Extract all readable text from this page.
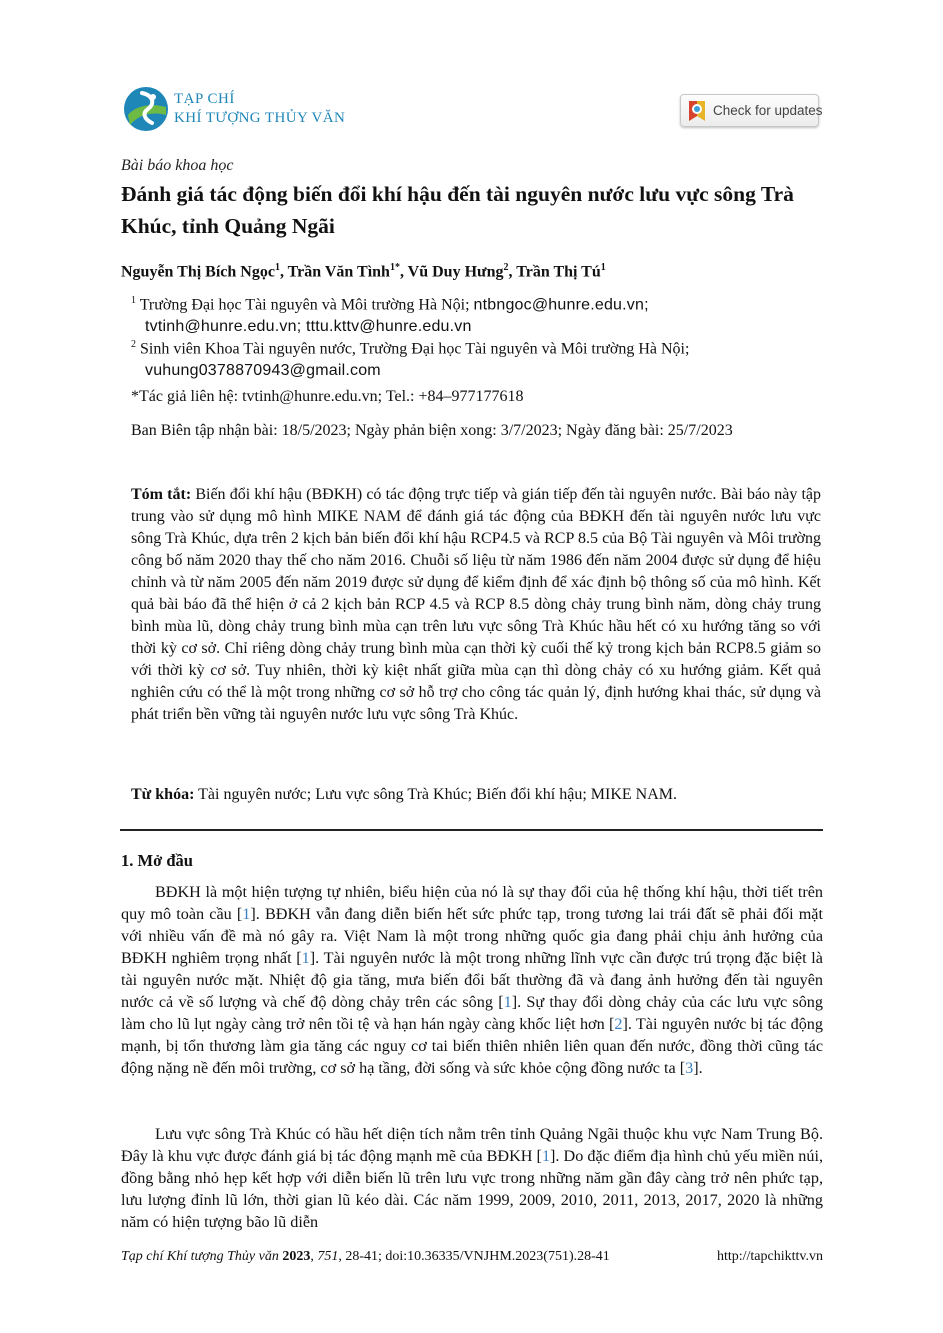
TẠP CHÍ
KHÍ TƯỢNG THỦY VĂN	Check for updates
Bài báo khoa học
Đánh giá tác động biến đổi khí hậu đến tài nguyên nước lưu vực sông Trà Khúc, tỉnh Quảng Ngãi
Nguyễn Thị Bích Ngọc$^1$, Trần Văn Tình$^{1*}$, Vũ Duy Hưng$^2$, Trần Thị $Tú^1$
$^1$ Trường Đại học Tài nguyên và Môi trường Hà Nội; ntbngoc@hunre.edu.vn;
tvtinh@hunre.edu.vn; tttu.kttv@hunre.edu.vn
$^2$ Sinh viên Khoa Tài nguyên nước, Trường Đại học Tài nguyên và Môi trường Hà Nội;
vuhung0378870943@gmail.com
*Tác giả liên hệ: tvtinh@hunre.edu.vn; Tel.: +84–977177618
Ban Biên tập nhận bài: 18/5/2023; Ngày phản biện xong: 3/7/2023; Ngày đăng bài: 25/7/2023

Tóm tắt: Biến đổi khí hậu (BĐKH) có tác động trực tiếp và gián tiếp đến tài nguyên nước. Bài báo này tập trung vào sử dụng mô hình MIKE NAM để đánh giá tác động của BĐKH đến tài nguyên nước lưu vực sông Trà Khúc, dựa trên 2 kịch bản biến đổi khí hậu RCP4.5 và RCP 8.5 của Bộ Tài nguyên và Môi trường công bố năm 2020 thay thế cho năm 2016. Chuỗi số liệu từ năm 1986 đến năm 2004 được sử dụng để hiệu chỉnh và từ năm 2005 đến năm 2019 được sử dụng để kiểm định để xác định bộ thông số của mô hình. Kết quả bài báo đã thể hiện ở cả 2 kịch bản RCP 4.5 và RCP 8.5 dòng chảy trung bình năm, dòng chảy trung bình mùa lũ, dòng chảy trung bình mùa cạn trên lưu vực sông Trà Khúc hầu hết có xu hướng tăng so với thời kỳ cơ sở. Chỉ riêng dòng chảy trung bình mùa cạn thời kỳ cuối thế kỷ trong kịch bản RCP8.5 giảm so với thời kỳ cơ sở. Tuy nhiên, thời kỳ kiệt nhất giữa mùa cạn thì dòng chảy có xu hướng giảm. Kết quả nghiên cứu có thể là một trong những cơ sở hỗ trợ cho công tác quản lý, định hướng khai thác, sử dụng và phát triển bền vững tài nguyên nước lưu vực sông Trà Khúc.

Từ khóa: Tài nguyên nước; Lưu vực sông Trà Khúc; Biến đổi khí hậu; MIKE NAM.
1. Mở đầu

BĐKH là một hiện tượng tự nhiên, biểu hiện của nó là sự thay đổi của hệ thống khí hậu, thời tiết trên quy mô toàn cầu [1]. BĐKH vẫn đang diễn biến hết sức phức tạp, trong tương lai trái đất sẽ phải đối mặt với nhiều vấn đề mà nó gây ra. Việt Nam là một trong những quốc gia đang phải chịu ảnh hưởng của BĐKH nghiêm trọng nhất [1]. Tài nguyên nước là một trong những lĩnh vực cần được trú trọng đặc biệt là tài nguyên nước mặt. Nhiệt độ gia tăng, mưa biến đổi bất thường đã và đang ảnh hưởng đến tài nguyên nước cả về số lượng và chế độ dòng chảy trên các sông [1]. Sự thay đổi dòng chảy của các lưu vực sông làm cho lũ lụt ngày càng trở nên tồi tệ và hạn hán ngày càng khốc liệt hơn [2]. Tài nguyên nước bị tác động mạnh, bị tổn thương làm gia tăng các nguy cơ tai biến thiên nhiên liên quan đến nước, đồng thời cũng tác động nặng nề đến môi trường, cơ sở hạ tầng, đời sống và sức khỏe cộng đồng nước ta [3].

Lưu vực sông Trà Khúc có hầu hết diện tích nằm trên tỉnh Quảng Ngãi thuộc khu vực Nam Trung Bộ. Đây là khu vực được đánh giá bị tác động mạnh mẽ của BĐKH [1]. Do đặc điểm địa hình chủ yếu miền núi, đồng bằng nhỏ hẹp kết hợp với diễn biến lũ trên lưu vực trong những năm gần đây càng trở nên phức tạp, lưu lượng đỉnh lũ lớn, thời gian lũ kéo dài. Các năm 1999, 2009, 2010, 2011, 2013, 2017, 2020 là những năm có hiện tượng bão lũ diễn

Tạp chí Khí tượng Thủy văn 2023, 751, 28-41; doi:10.36335/VNJHM.2023(751).28-41	http://tapchikttv.vn
